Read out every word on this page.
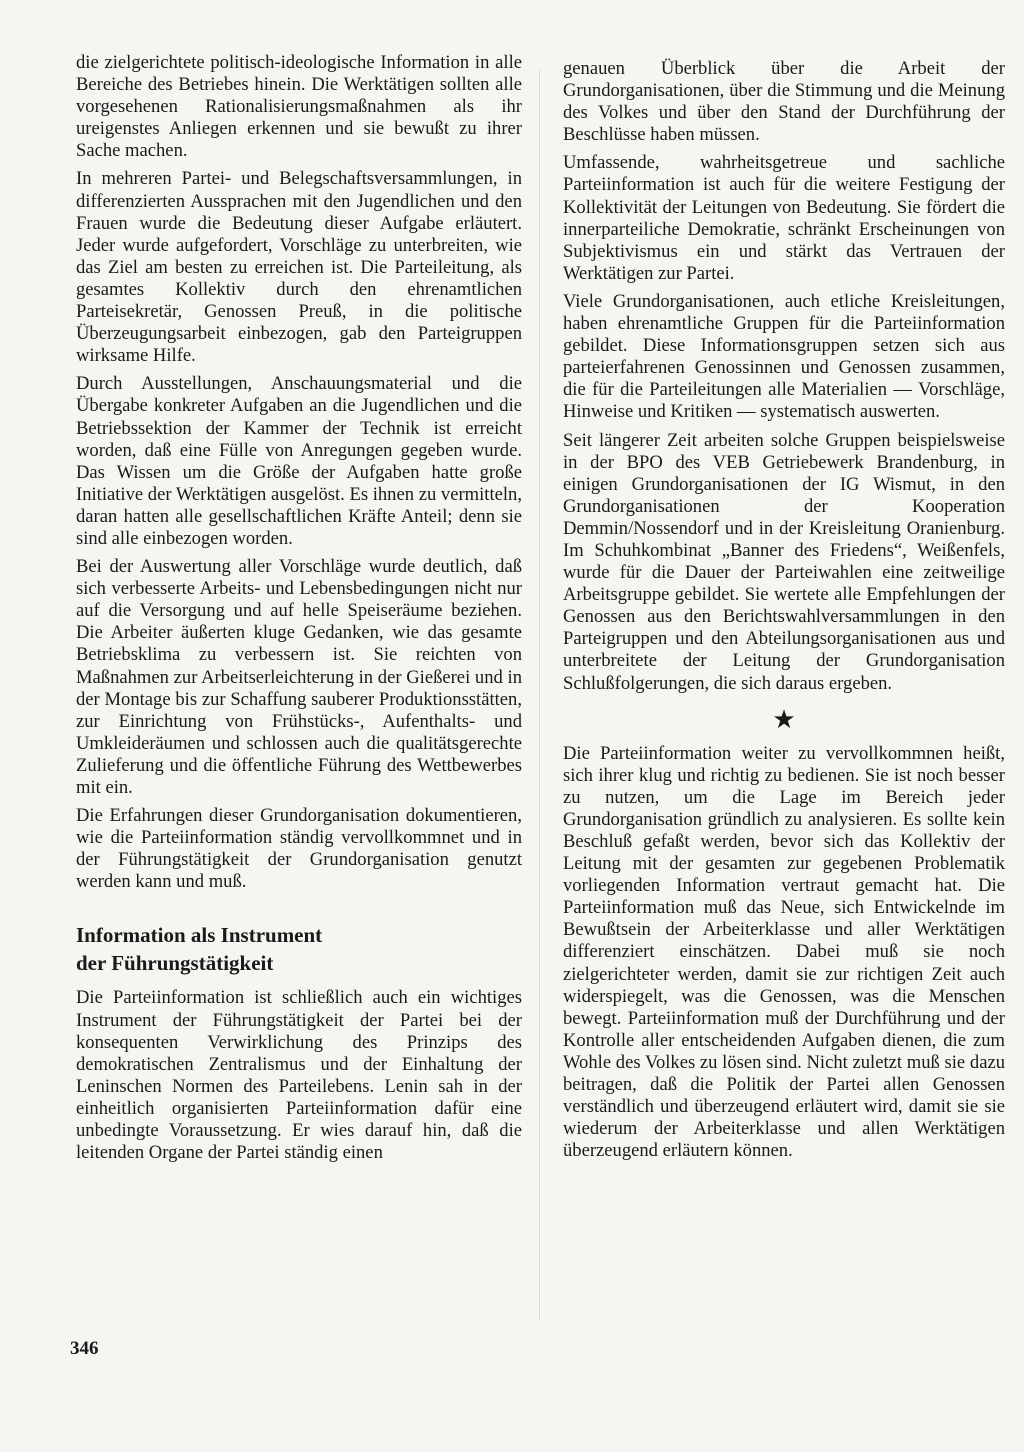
die zielgerichtete politisch-ideologische Information in alle Bereiche des Betriebes hinein. Die Werktätigen sollten alle vorgesehenen Rationalisierungsmaßnahmen als ihr ureigenstes Anliegen erkennen und sie bewußt zu ihrer Sache machen.

In mehreren Partei- und Belegschaftsversammlungen, in differenzierten Aussprachen mit den Jugendlichen und den Frauen wurde die Bedeutung dieser Aufgabe erläutert. Jeder wurde aufgefordert, Vorschläge zu unterbreiten, wie das Ziel am besten zu erreichen ist. Die Parteileitung, als gesamtes Kollektiv durch den ehrenamtlichen Parteisekretär, Genossen Preuß, in die politische Überzeugungsarbeit einbezogen, gab den Parteigruppen wirksame Hilfe.

Durch Ausstellungen, Anschauungsmaterial und die Übergabe konkreter Aufgaben an die Jugendlichen und die Betriebssektion der Kammer der Technik ist erreicht worden, daß eine Fülle von Anregungen gegeben wurde. Das Wissen um die Größe der Aufgaben hatte große Initiative der Werktätigen ausgelöst. Es ihnen zu vermitteln, daran hatten alle gesellschaftlichen Kräfte Anteil; denn sie sind alle einbezogen worden.

Bei der Auswertung aller Vorschläge wurde deutlich, daß sich verbesserte Arbeits- und Lebensbedingungen nicht nur auf die Versorgung und auf helle Speiseräume beziehen. Die Arbeiter äußerten kluge Gedanken, wie das gesamte Betriebsklima zu verbessern ist. Sie reichten von Maßnahmen zur Arbeitserleichterung in der Gießerei und in der Montage bis zur Schaffung sauberer Produktionsstätten, zur Einrichtung von Frühstücks-, Aufenthalts- und Umkleideräumen und schlossen auch die qualitätsgerechte Zulieferung und die öffentliche Führung des Wettbewerbes mit ein.

Die Erfahrungen dieser Grundorganisation dokumentieren, wie die Parteiinformation ständig vervollkommnet und in der Führungstätigkeit der Grundorganisation genutzt werden kann und muß.

Information als Instrument
der Führungstätigkeit

Die Parteiinformation ist schließlich auch ein wichtiges Instrument der Führungstätigkeit der Partei bei der konsequenten Verwirklichung des Prinzips des demokratischen Zentralismus und der Einhaltung der Leninschen Normen des Parteilebens. Lenin sah in der einheitlich organisierten Parteiinformation dafür eine unbedingte Voraussetzung. Er wies darauf hin, daß die leitenden Organe der Partei ständig einen

genauen Überblick über die Arbeit der Grundorganisationen, über die Stimmung und die Meinung des Volkes und über den Stand der Durchführung der Beschlüsse haben müssen.

Umfassende, wahrheitsgetreue und sachliche Parteiinformation ist auch für die weitere Festigung der Kollektivität der Leitungen von Bedeutung. Sie fördert die innerparteiliche Demokratie, schränkt Erscheinungen von Subjektivismus ein und stärkt das Vertrauen der Werktätigen zur Partei.

Viele Grundorganisationen, auch etliche Kreisleitungen, haben ehrenamtliche Gruppen für die Parteiinformation gebildet. Diese Informationsgruppen setzen sich aus parteierfahrenen Genossinnen und Genossen zusammen, die für die Parteileitungen alle Materialien — Vorschläge, Hinweise und Kritiken — systematisch auswerten.

Seit längerer Zeit arbeiten solche Gruppen beispielsweise in der BPO des VEB Getriebewerk Brandenburg, in einigen Grundorganisationen der IG Wismut, in den Grundorganisationen der Kooperation Demmin/Nossendorf und in der Kreisleitung Oranienburg. Im Schuhkombinat „Banner des Friedens“, Weißenfels, wurde für die Dauer der Parteiwahlen eine zeitweilige Arbeitsgruppe gebildet. Sie wertete alle Empfehlungen der Genossen aus den Berichtswahlversammlungen in den Parteigruppen und den Abteilungsorganisationen aus und unterbreitete der Leitung der Grundorganisation Schlußfolgerungen, die sich daraus ergeben.

★

Die Parteiinformation weiter zu vervollkommnen heißt, sich ihrer klug und richtig zu bedienen. Sie ist noch besser zu nutzen, um die Lage im Bereich jeder Grundorganisation gründlich zu analysieren. Es sollte kein Beschluß gefaßt werden, bevor sich das Kollektiv der Leitung mit der gesamten zur gegebenen Problematik vorliegenden Information vertraut gemacht hat. Die Parteiinformation muß das Neue, sich Entwickelnde im Bewußtsein der Arbeiterklasse und aller Werktätigen differenziert einschätzen. Dabei muß sie noch zielgerichteter werden, damit sie zur richtigen Zeit auch widerspiegelt, was die Genossen, was die Menschen bewegt. Parteiinformation muß der Durchführung und der Kontrolle aller entscheidenden Aufgaben dienen, die zum Wohle des Volkes zu lösen sind. Nicht zuletzt muß sie dazu beitragen, daß die Politik der Partei allen Genossen verständlich und überzeugend erläutert wird, damit sie sie wiederum der Arbeiterklasse und allen Werktätigen überzeugend erläutern können.

346
